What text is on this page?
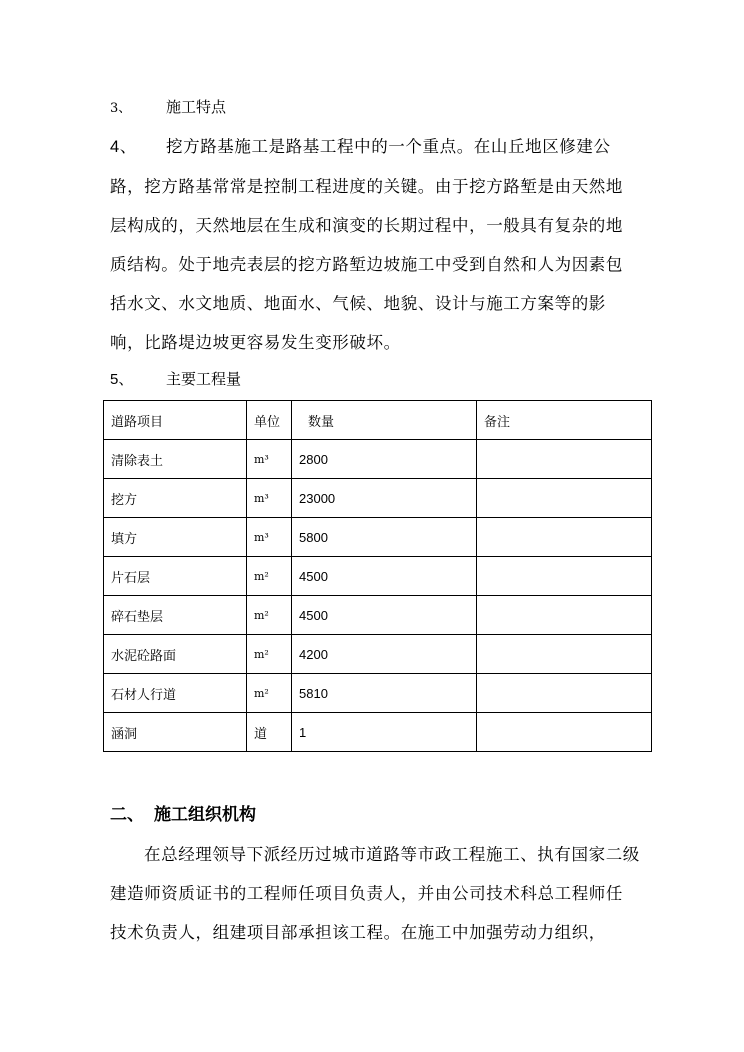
3、 施工特点
4、 挖方路基施工是路基工程中的一个重点。在山丘地区修建公路，挖方路基常常是控制工程进度的关键。由于挖方路堑是由天然地层构成的，天然地层在生成和演变的长期过程中，一般具有复杂的地质结构。处于地壳表层的挖方路堑边坡施工中受到自然和人为因素包括水文、水文地质、地面水、气候、地貌、设计与施工方案等的影响，比路堤边坡更容易发生变形破坏。
5、 主要工程量
道路项目	单位	数量	备注
清除表土	m³	2800	
挖方	m³	23000	
填方	m³	5800	
片石层	m²	4500	
碎石垫层	m²	4500	
水泥砼路面	m²	4200	
石材人行道	m²	5810	
涵洞	道	1	
二、 施工组织机构
在总经理领导下派经历过城市道路等市政工程施工、执有国家二级建造师资质证书的工程师任项目负责人，并由公司技术科总工程师任技术负责人，组建项目部承担该工程。在施工中加强劳动力组织，
